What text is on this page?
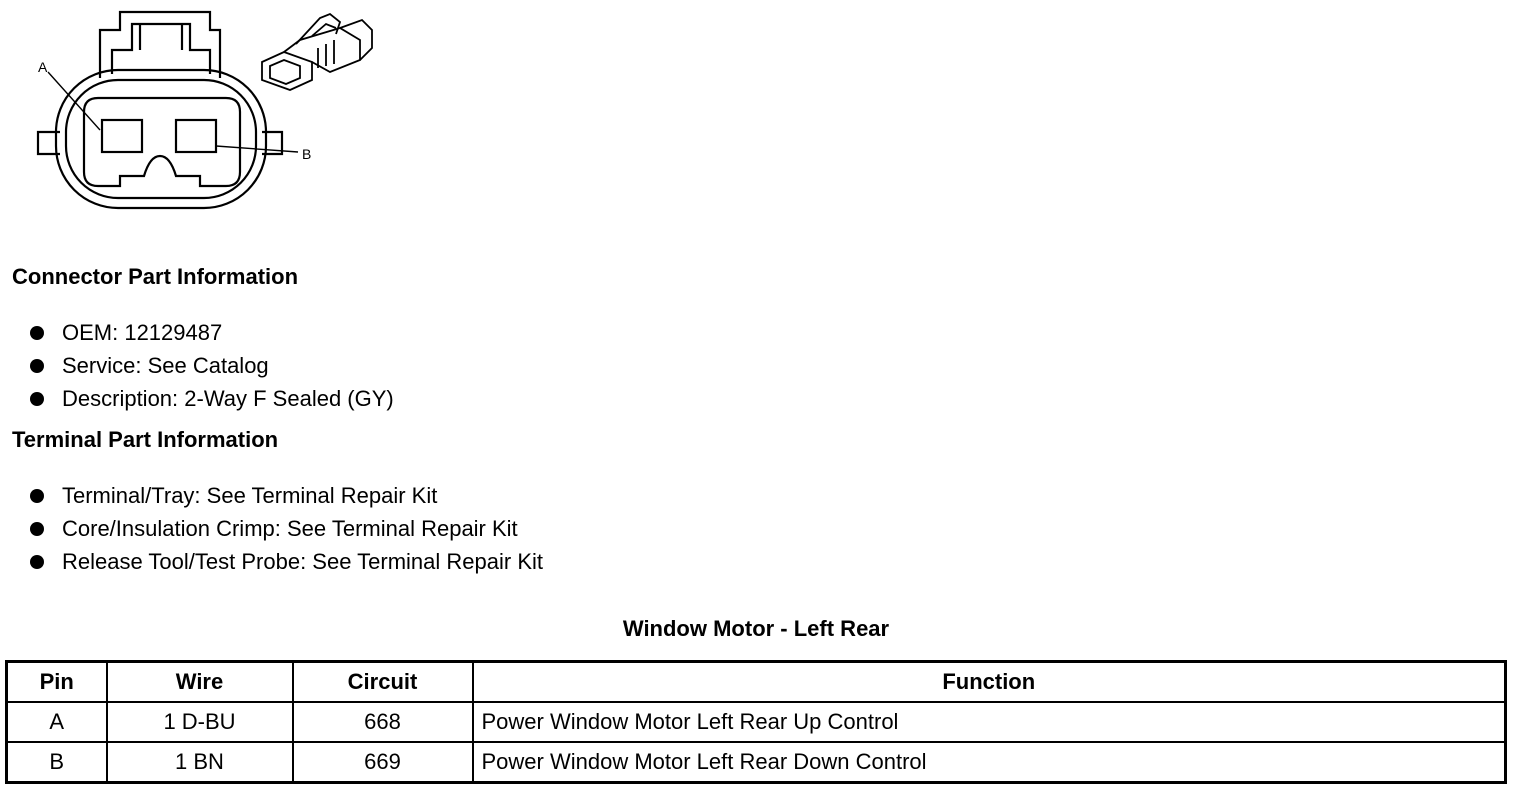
A
B
Connector Part Information
OEM: 12129487
Service: See Catalog
Description: 2-Way F Sealed (GY)
Terminal Part Information
Terminal/Tray: See Terminal Repair Kit
Core/Insulation Crimp: See Terminal Repair Kit
Release Tool/Test Probe: See Terminal Repair Kit
Window Motor - Left Rear
Pin	Wire	Circuit	Function
A	1 D-BU	668	Power Window Motor Left Rear Up Control
B	1 BN	669	Power Window Motor Left Rear Down Control
